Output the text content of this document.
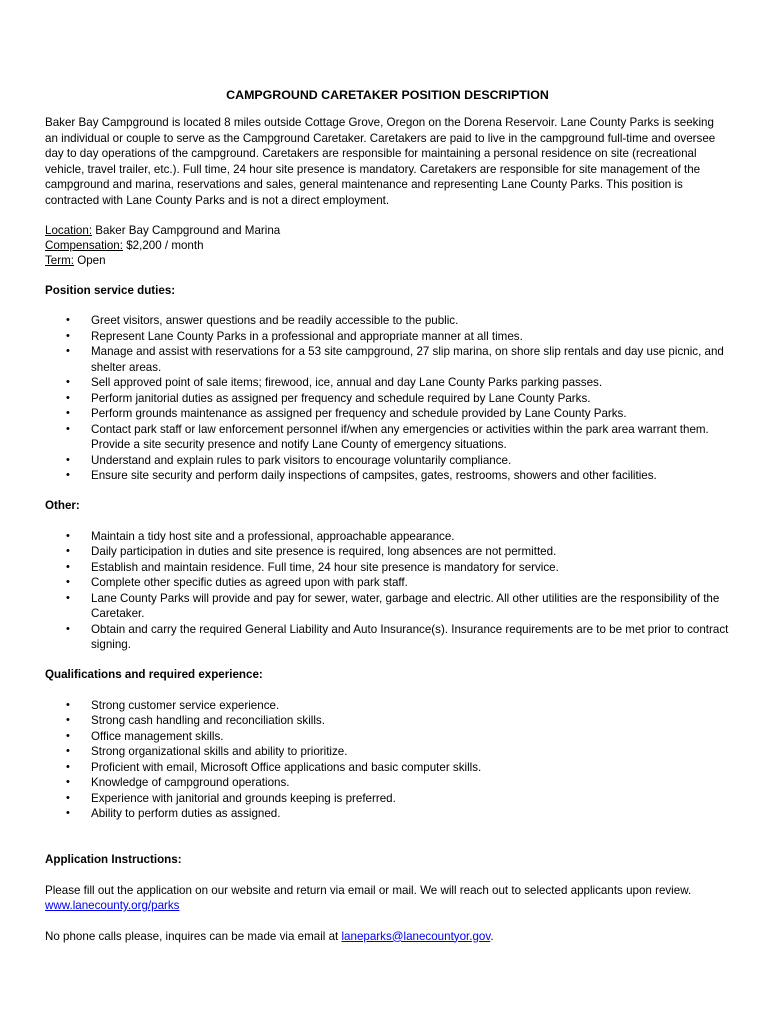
CAMPGROUND CARETAKER POSITION DESCRIPTION
Baker Bay Campground is located 8 miles outside Cottage Grove, Oregon on the Dorena Reservoir. Lane County Parks is seeking an individual or couple to serve as the Campground Caretaker. Caretakers are paid to live in the campground full-time and oversee day to day operations of the campground. Caretakers are responsible for maintaining a personal residence on site (recreational vehicle, travel trailer, etc.). Full time, 24 hour site presence is mandatory. Caretakers are responsible for site management of the campground and marina, reservations and sales, general maintenance and representing Lane County Parks. This position is contracted with Lane County Parks and is not a direct employment.
Location: Baker Bay Campground and Marina
Compensation: $2,200 / month
Term: Open
Position service duties:
• Greet visitors, answer questions and be readily accessible to the public.
• Represent Lane County Parks in a professional and appropriate manner at all times.
• Manage and assist with reservations for a 53 site campground, 27 slip marina, on shore slip rentals and day use picnic, and shelter areas.
• Sell approved point of sale items; firewood, ice, annual and day Lane County Parks parking passes.
• Perform janitorial duties as assigned per frequency and schedule required by Lane County Parks.
• Perform grounds maintenance as assigned per frequency and schedule provided by Lane County Parks.
• Contact park staff or law enforcement personnel if/when any emergencies or activities within the park area warrant them. Provide a site security presence and notify Lane County of emergency situations.
• Understand and explain rules to park visitors to encourage voluntarily compliance.
• Ensure site security and perform daily inspections of campsites, gates, restrooms, showers and other facilities.
Other:
• Maintain a tidy host site and a professional, approachable appearance.
• Daily participation in duties and site presence is required, long absences are not permitted.
• Establish and maintain residence. Full time, 24 hour site presence is mandatory for service.
• Complete other specific duties as agreed upon with park staff.
• Lane County Parks will provide and pay for sewer, water, garbage and electric. All other utilities are the responsibility of the Caretaker.
• Obtain and carry the required General Liability and Auto Insurance(s). Insurance requirements are to be met prior to contract signing.
Qualifications and required experience:
• Strong customer service experience.
• Strong cash handling and reconciliation skills.
• Office management skills.
• Strong organizational skills and ability to prioritize.
• Proficient with email, Microsoft Office applications and basic computer skills.
• Knowledge of campground operations.
• Experience with janitorial and grounds keeping is preferred.
• Ability to perform duties as assigned.
Application Instructions:
Please fill out the application on our website and return via email or mail. We will reach out to selected applicants upon review. www.lanecounty.org/parks
No phone calls please, inquires can be made via email at laneparks@lanecountyor.gov.
